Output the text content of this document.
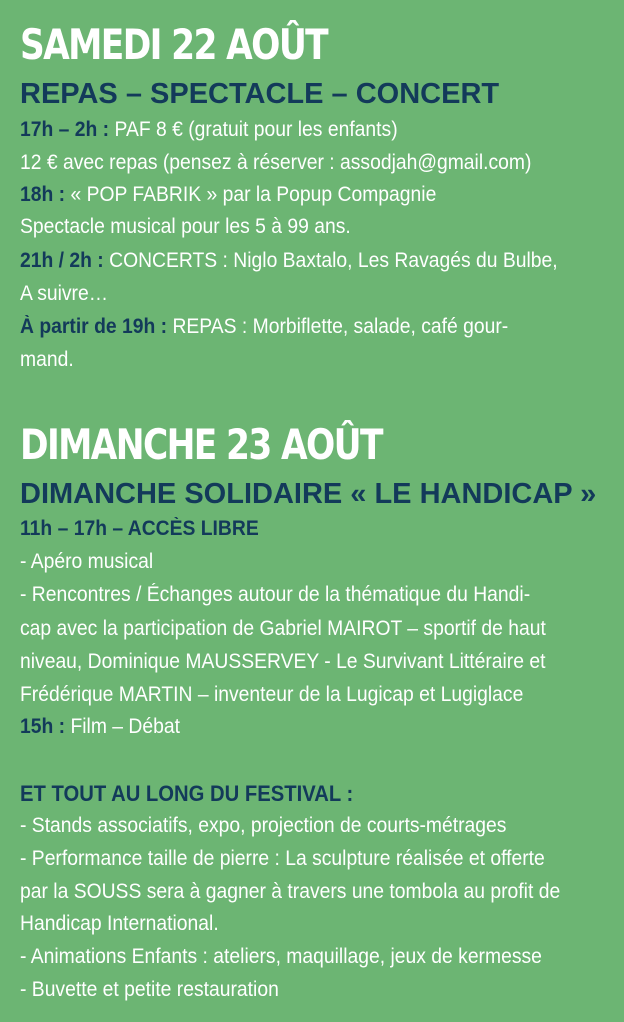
SAMEDI 22 AOÛT
REPAS – SPECTACLE – CONCERT

17h – 2h : PAF 8 € (gratuit pour les enfants)

12 € avec repas (pensez à réserver : assodjah@gmail.com)

18h : « POP FABRIK » par la Popup Compagnie

Spectacle musical pour les 5 à 99 ans.

21h / 2h : CONCERTS : Niglo Baxtalo, Les Ravagés du Bulbe,

A suivre…

À partir de 19h : REPAS : Morbiflette, salade, café gour-

mand.

DIMANCHE 23 AOÛT
DIMANCHE SOLIDAIRE « LE HANDICAP »

11h – 17h – ACCÈS LIBRE

- Apéro musical

- Rencontres / Échanges autour de la thématique du Handi-

cap avec la participation de Gabriel MAIROT – sportif de haut

niveau, Dominique MAUSSERVEY - Le Survivant Littéraire et

Frédérique MARTIN – inventeur de la Lugicap et Lugiglace

15h : Film – Débat

ET TOUT AU LONG DU FESTIVAL :

- Stands associatifs, expo, projection de courts-métrages

- Performance taille de pierre : La sculpture réalisée et offerte

par la SOUSS sera à gagner à travers une tombola au profit de

Handicap International.

- Animations Enfants : ateliers, maquillage, jeux de kermesse

- Buvette et petite restauration
